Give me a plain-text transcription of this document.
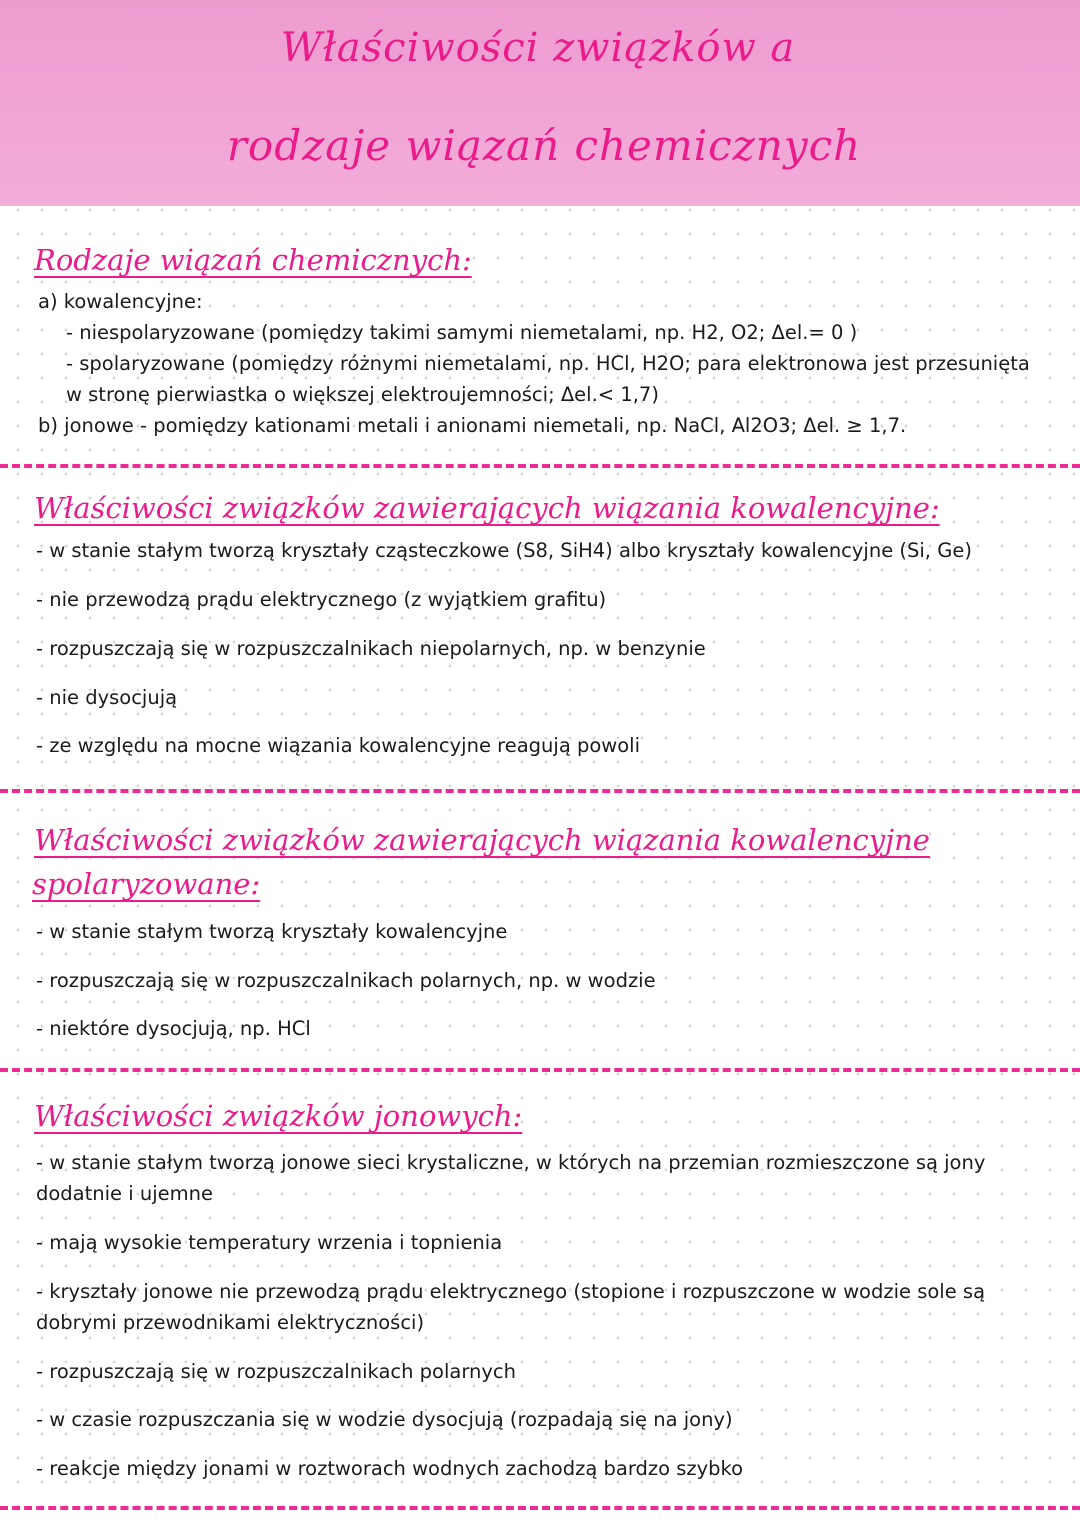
Właściwości związków a
rodzaje wiązań chemicznych
Rodzaje wiązań chemicznych:
a) kowalencyjne:
- niespolaryzowane (pomiędzy takimi samymi niemetalami, np. H2, O2; Δel.= 0 )
- spolaryzowane (pomiędzy różnymi niemetalami, np. HCl, H2O; para elektronowa jest przesunięta
w stronę pierwiastka o większej elektroujemności; Δel.< 1,7)
b) jonowe - pomiędzy kationami metali i anionami niemetali, np. NaCl, Al2O3; Δel. ≥ 1,7.
Właściwości związków zawierających wiązania kowalencyjne:
- w stanie stałym tworzą kryształy cząsteczkowe (S8, SiH4) albo kryształy kowalencyjne (Si, Ge)
- nie przewodzą prądu elektrycznego (z wyjątkiem grafitu)
- rozpuszczają się w rozpuszczalnikach niepolarnych, np. w benzynie
- nie dysocjują
- ze względu na mocne wiązania kowalencyjne reagują powoli
Właściwości związków zawierających wiązania kowalencyjne
spolaryzowane:
- w stanie stałym tworzą kryształy kowalencyjne
- rozpuszczają się w rozpuszczalnikach polarnych, np. w wodzie
- niektóre dysocjują, np. HCl
Właściwości związków jonowych:
- w stanie stałym tworzą jonowe sieci krystaliczne, w których na przemian rozmieszczone są jony
dodatnie i ujemne
- mają wysokie temperatury wrzenia i topnienia
- kryształy jonowe nie przewodzą prądu elektrycznego (stopione i rozpuszczone w wodzie sole są
dobrymi przewodnikami elektryczności)
- rozpuszczają się w rozpuszczalnikach polarnych
- w czasie rozpuszczania się w wodzie dysocjują (rozpadają się na jony)
- reakcje między jonami w roztworach wodnych zachodzą bardzo szybko
